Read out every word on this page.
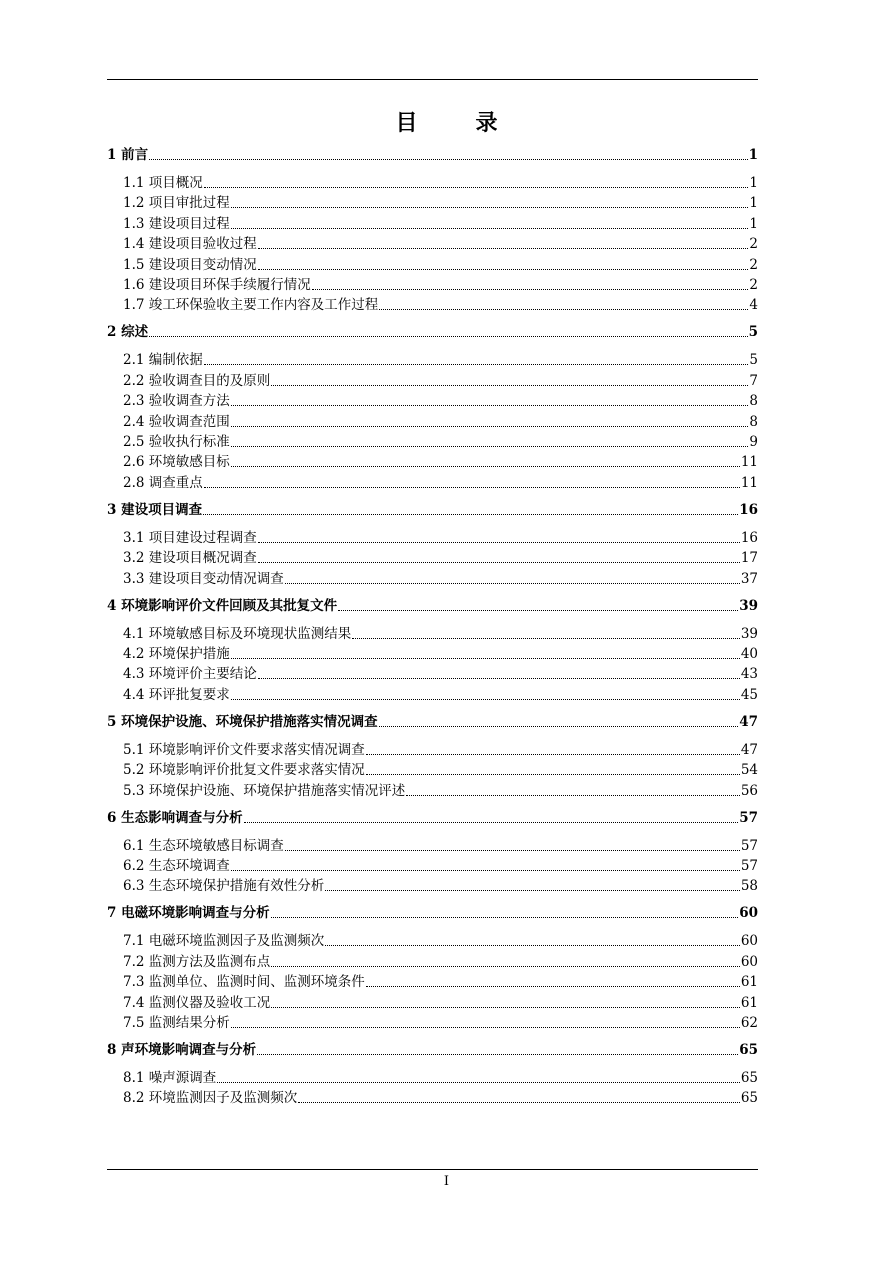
目　录
1 前言	1
1.1 项目概况	1
1.2 项目审批过程	1
1.3 建设项目过程	1
1.4 建设项目验收过程	2
1.5 建设项目变动情况	2
1.6 建设项目环保手续履行情况	2
1.7 竣工环保验收主要工作内容及工作过程	4
2 综述	5
2.1 编制依据	5
2.2 验收调查目的及原则	7
2.3 验收调查方法	8
2.4 验收调查范围	8
2.5 验收执行标准	9
2.6 环境敏感目标	11
2.8 调查重点	11
3 建设项目调查	16
3.1 项目建设过程调查	16
3.2 建设项目概况调查	17
3.3 建设项目变动情况调查	37
4 环境影响评价文件回顾及其批复文件	39
4.1 环境敏感目标及环境现状监测结果	39
4.2 环境保护措施	40
4.3 环境评价主要结论	43
4.4 环评批复要求	45
5 环境保护设施、环境保护措施落实情况调查	47
5.1 环境影响评价文件要求落实情况调查	47
5.2 环境影响评价批复文件要求落实情况	54
5.3 环境保护设施、环境保护措施落实情况评述	56
6 生态影响调查与分析	57
6.1 生态环境敏感目标调查	57
6.2 生态环境调查	57
6.3 生态环境保护措施有效性分析	58
7 电磁环境影响调查与分析	60
7.1 电磁环境监测因子及监测频次	60
7.2 监测方法及监测布点	60
7.3 监测单位、监测时间、监测环境条件	61
7.4 监测仪器及验收工况	61
7.5 监测结果分析	62
8 声环境影响调查与分析	65
8.1 噪声源调查	65
8.2 环境监测因子及监测频次	65
I
